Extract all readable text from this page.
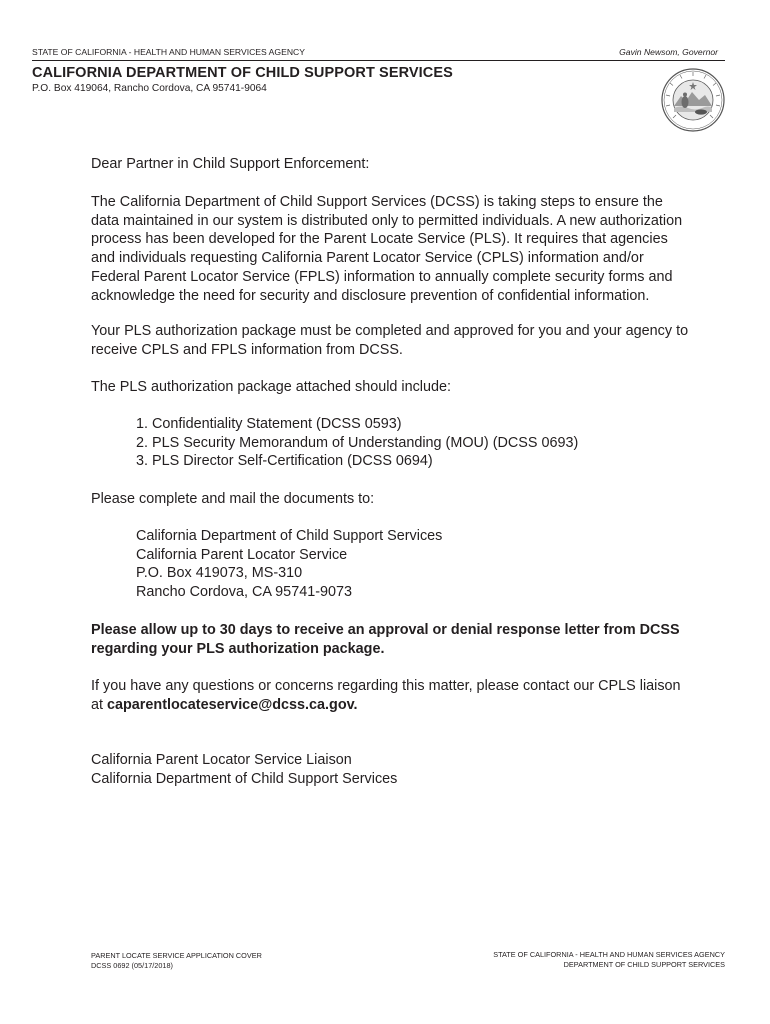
STATE OF CALIFORNIA - HEALTH AND HUMAN SERVICES AGENCY	Gavin Newsom, Governor
CALIFORNIA DEPARTMENT OF CHILD SUPPORT SERVICES
P.O. Box 419064, Rancho Cordova, CA 95741-9064
Dear Partner in Child Support Enforcement:
The California Department of Child Support Services (DCSS) is taking steps to ensure the
data maintained in our system is distributed only to permitted individuals. A new authorization
process has been developed for the Parent Locate Service (PLS). It requires that agencies
and individuals requesting California Parent Locator Service (CPLS) information and/or
Federal Parent Locator Service (FPLS) information to annually complete security forms and
acknowledge the need for security and disclosure prevention of confidential information.
Your PLS authorization package must be completed and approved for you and your agency to
receive CPLS and FPLS information from DCSS.
The PLS authorization package attached should include:
1. Confidentiality Statement (DCSS 0593)
2. PLS Security Memorandum of Understanding (MOU) (DCSS 0693)
3. PLS Director Self-Certification (DCSS 0694)
Please complete and mail the documents to:
California Department of Child Support Services
California Parent Locator Service
P.O. Box 419073, MS-310
Rancho Cordova, CA 95741-9073
Please allow up to 30 days to receive an approval or denial response letter from DCSS
regarding your PLS authorization package.
If you have any questions or concerns regarding this matter, please contact our CPLS liaison
at caparentlocateservice@dcss.ca.gov.
California Parent Locator Service Liaison
California Department of Child Support Services
PARENT LOCATE SERVICE APPLICATION COVER
DCSS 0692 (05/17/2018)
STATE OF CALIFORNIA - HEALTH AND HUMAN SERVICES AGENCY
DEPARTMENT OF CHILD SUPPORT SERVICES
